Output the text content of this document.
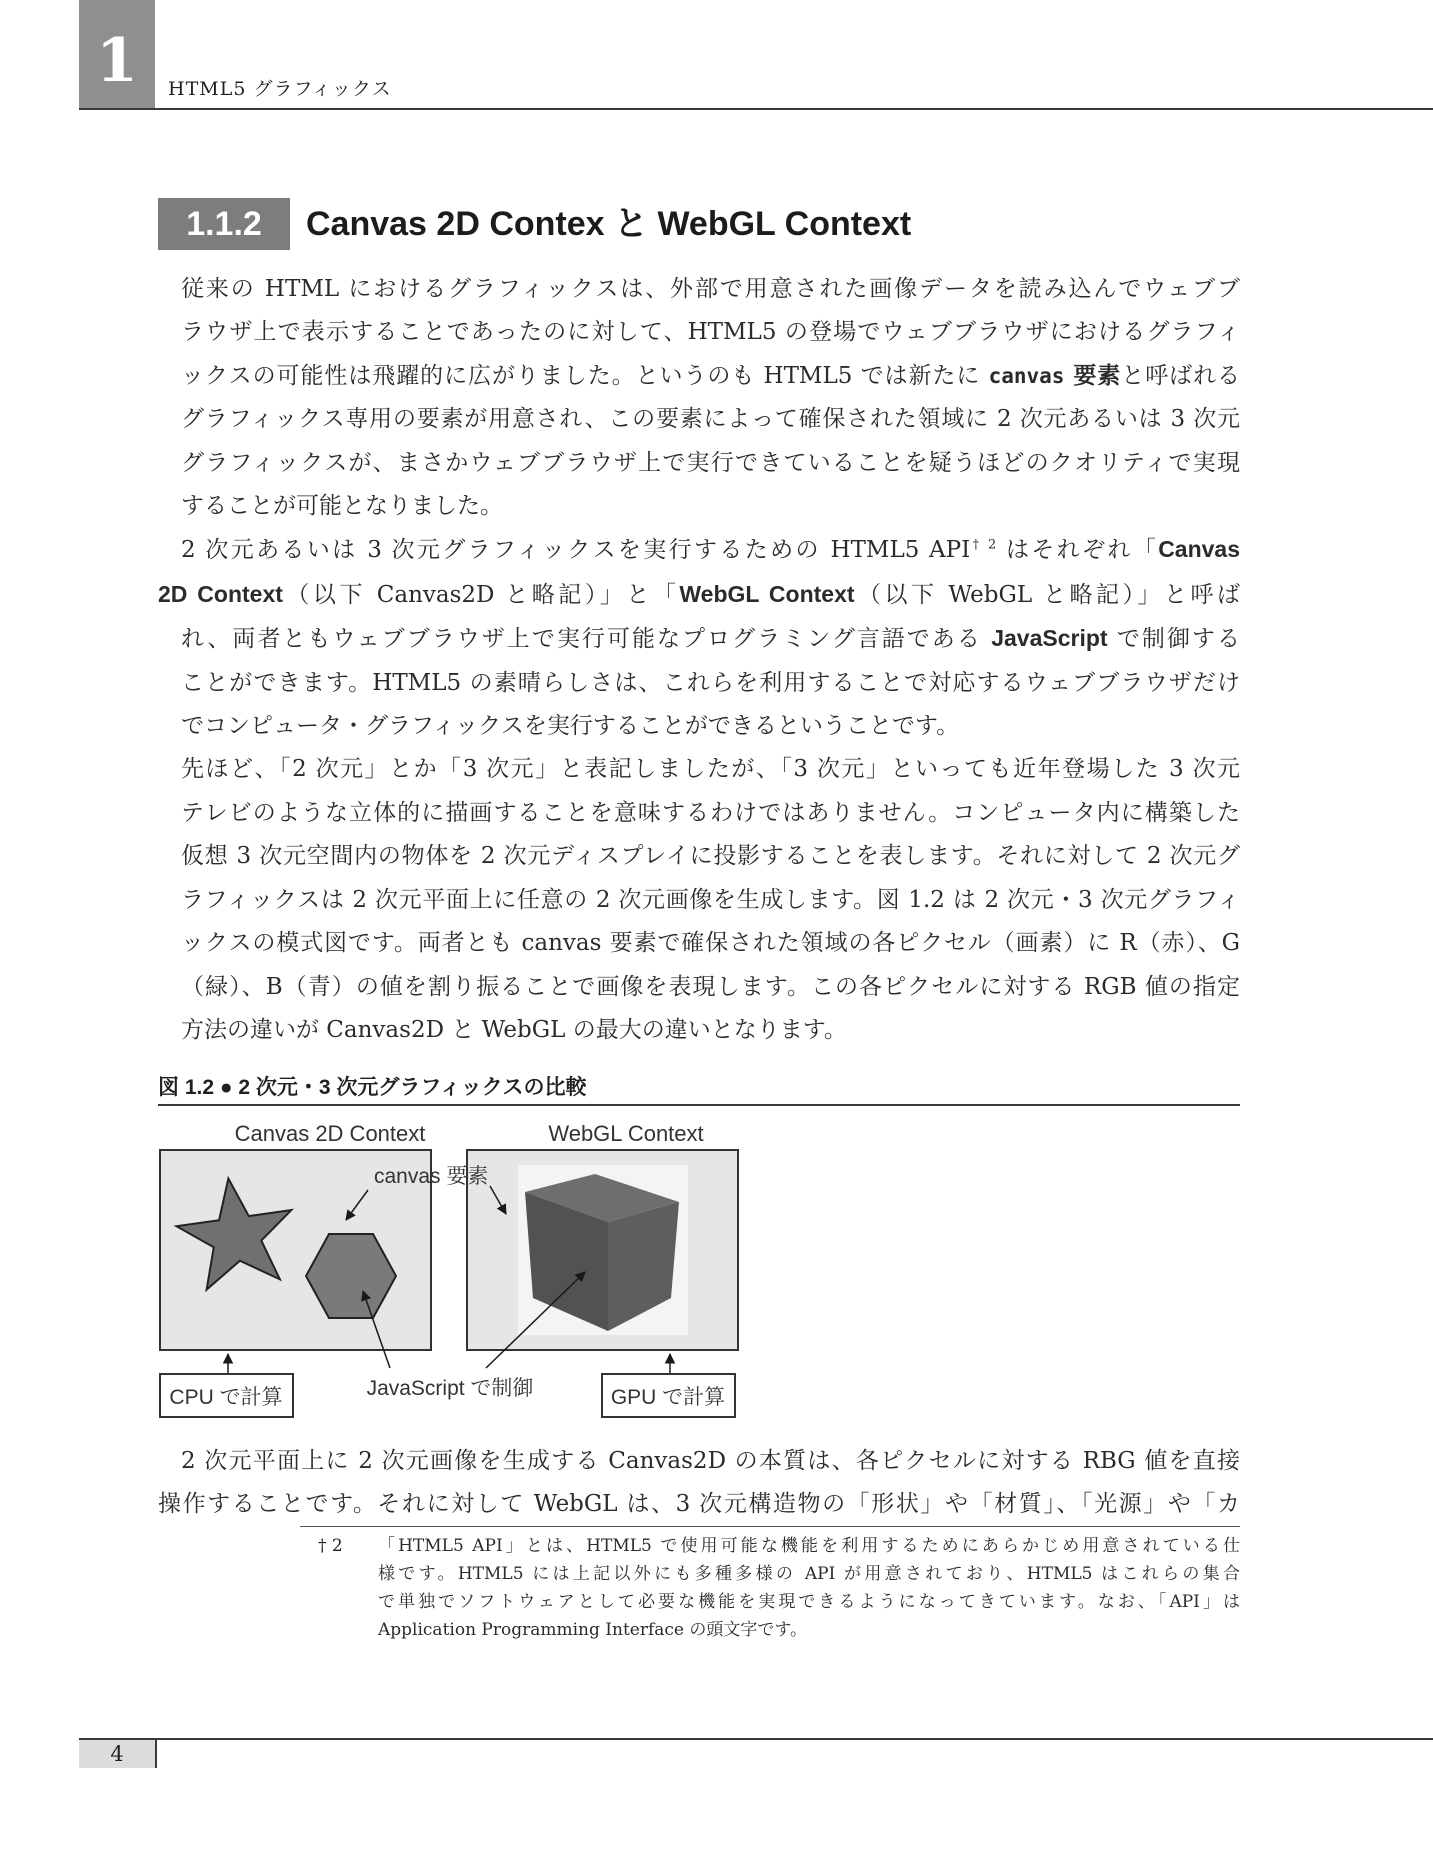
1	HTML5 グラフィックス
1.1.2	Canvas 2D Contex と WebGL Context

従来の HTML におけるグラフィックスは、外部で用意された画像データを読み込んでウェブブ
ラウザ上で表示することであったのに対して、HTML5 の登場でウェブブラウザにおけるグラフィ
ックスの可能性は飛躍的に広がりました。というのも HTML5 では新たに canvas 要素と呼ばれる
グラフィックス専用の要素が用意され、この要素によって確保された領域に 2 次元あるいは 3 次元
グラフィックスが、まさかウェブブラウザ上で実行できていることを疑うほどのクオリティで実現
することが可能となりました。

2 次元あるいは 3 次元グラフィックスを実行するための HTML5 API$^{\dagger 2}$ はそれぞれ「Canvas
2D Context（以下 Canvas2D と略記）」と「WebGL Context（以下 WebGL と略記）」と呼ば
れ、両者ともウェブブラウザ上で実行可能なプログラミング言語である JavaScript で制御する
ことができます。HTML5 の素晴らしさは、これらを利用することで対応するウェブブラウザだけ
でコンピュータ・グラフィックスを実行することができるということです。

先ほど、「2 次元」とか「3 次元」と表記しましたが、「3 次元」といっても近年登場した 3 次元
テレビのような立体的に描画することを意味するわけではありません。コンピュータ内に構築した
仮想 3 次元空間内の物体を 2 次元ディスプレイに投影することを表します。それに対して 2 次元グ
ラフィックスは 2 次元平面上に任意の 2 次元画像を生成します。図 1.2 は 2 次元・3 次元グラフィ
ックスの模式図です。両者とも canvas 要素で確保された領域の各ピクセル（画素）に R（赤）、G
（緑）、B（青）の値を割り振ることで画像を表現します。この各ピクセルに対する RGB 値の指定
方法の違いが Canvas2D と WebGL の最大の違いとなります。

図 1.2 ● 2 次元・3 次元グラフィックスの比較
Canvas 2D Context	WebGL Context
canvas 要素
JavaScript で制御
CPU で計算	GPU で計算

2 次元平面上に 2 次元画像を生成する Canvas2D の本質は、各ピクセルに対する RBG 値を直接
操作することです。それに対して WebGL は、3 次元構造物の「形状」や「材質」、「光源」や「カ

† 2 「HTML5 API」とは、HTML5 で使用可能な機能を利用するためにあらかじめ用意されている仕
様です。HTML5 には上記以外にも多種多様の API が用意されており、HTML5 はこれらの集合
で単独でソフトウェアとして必要な機能を実現できるようになってきています。なお、「API」は
Application Programming Interface の頭文字です。
4
